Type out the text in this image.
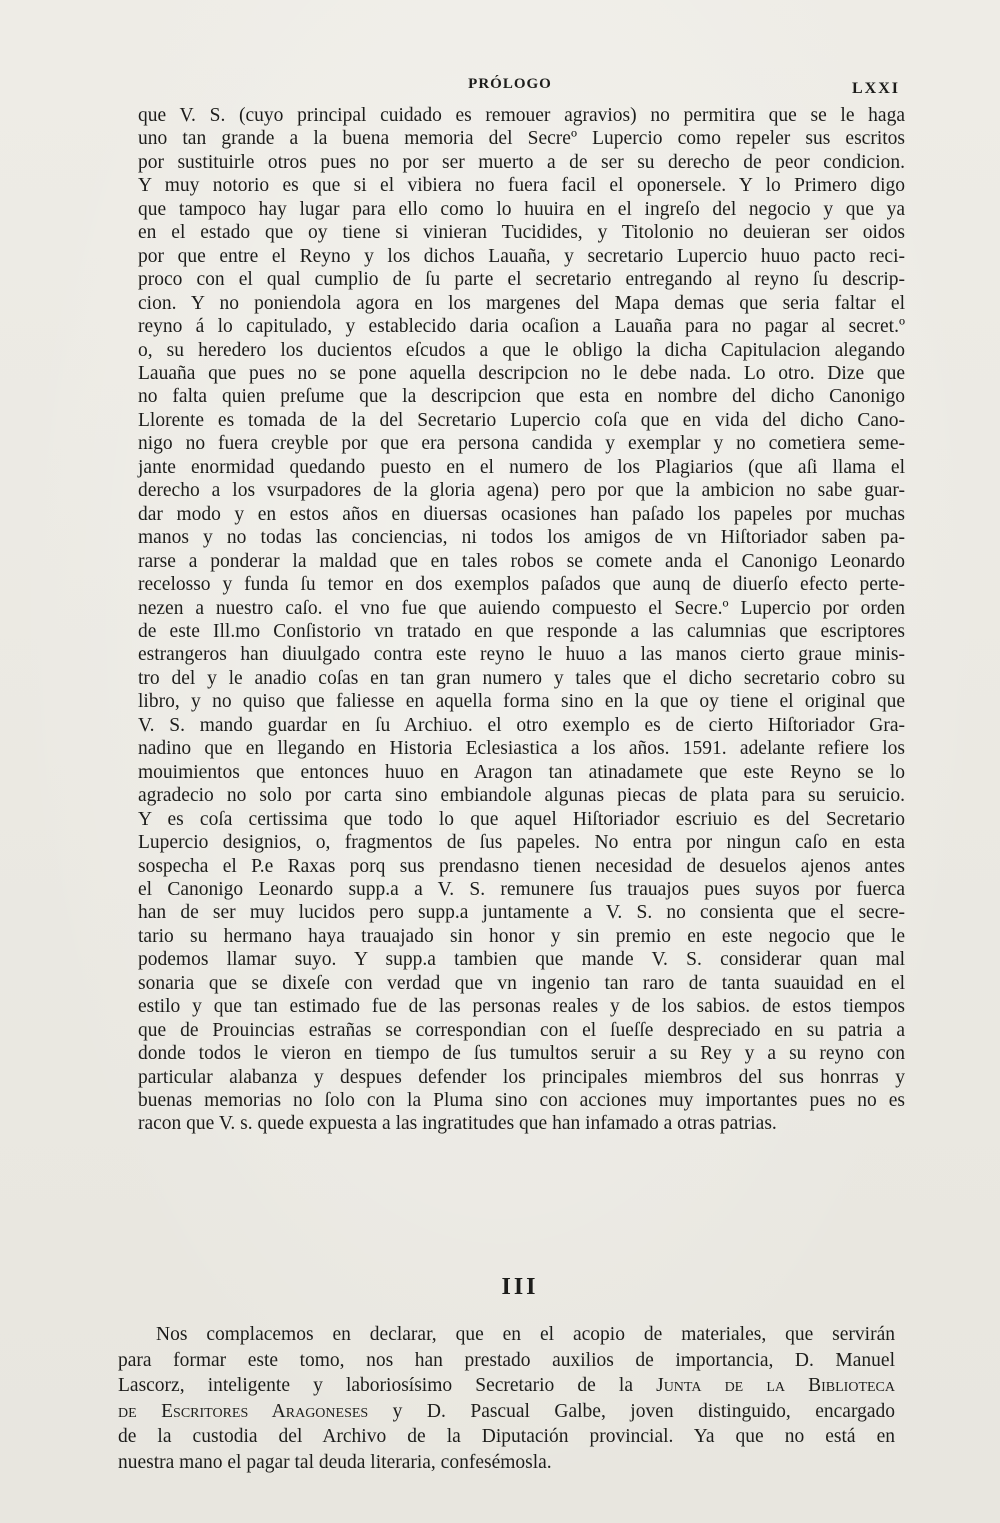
PRÓLOGO	LXXI
que V. S. (cuyo principal cuidado es remouer agravios) no permitira que se le haga
uno tan grande a la buena memoria del Secreº Lupercio como repeler sus escritos
por sustituirle otros pues no por ser muerto a de ser su derecho de peor condicion.
Y muy notorio es que si el vibiera no fuera facil el oponersele. Y lo Primero digo
que tampoco hay lugar para ello como lo huuira en el ingreſo del negocio y que ya
en el estado que oy tiene si vinieran Tucidides, y Titolonio no deuieran ser oidos
por que entre el Reyno y los dichos Lauaña, y secretario Lupercio huuo pacto reci-
proco con el qual cumplio de ſu parte el secretario entregando al reyno ſu descrip-
cion. Y no poniendola agora en los margenes del Mapa demas que seria faltar el
reyno á lo capitulado, y establecido daria ocaſion a Lauaña para no pagar al secret.º
o, su heredero los ducientos eſcudos a que le obligo la dicha Capitulacion alegando
Lauaña que pues no se pone aquella descripcion no le debe nada. Lo otro. Dize que
no falta quien preſume que la descripcion que esta en nombre del dicho Canonigo
Llorente es tomada de la del Secretario Lupercio coſa que en vida del dicho Cano-
nigo no fuera creyble por que era persona candida y exemplar y no cometiera seme-
jante enormidad quedando puesto en el numero de los Plagiarios (que aſi llama el
derecho a los vsurpadores de la gloria agena) pero por que la ambicion no sabe guar-
dar modo y en estos años en diuersas ocasiones han paſado los papeles por muchas
manos y no todas las conciencias, ni todos los amigos de vn Hiſtoriador saben pa-
rarse a ponderar la maldad que en tales robos se comete anda el Canonigo Leonardo
recelosso y funda ſu temor en dos exemplos paſados que aunq de diuerſo efecto perte-
nezen a nuestro caſo. el vno fue que auiendo compuesto el Secre.º Lupercio por orden
de este Ill.mo Conſistorio vn tratado en que responde a las calumnias que escriptores
estrangeros han diuulgado contra este reyno le huuo a las manos cierto graue minis-
tro del y le anadio coſas en tan gran numero y tales que el dicho secretario cobro su
libro, y no quiso que faliesse en aquella forma sino en la que oy tiene el original que
V. S. mando guardar en ſu Archiuo. el otro exemplo es de cierto Hiſtoriador Gra-
nadino que en llegando en Historia Eclesiastica a los años. 1591. adelante refiere los
mouimientos que entonces huuo en Aragon tan atinadamete que este Reyno se lo
agradecio no solo por carta sino embiandole algunas piecas de plata para su seruicio.
Y es coſa certissima que todo lo que aquel Hiſtoriador escriuio es del Secretario
Lupercio designios, o, fragmentos de ſus papeles. No entra por ningun caſo en esta
sospecha el P.e Raxas porq sus prendasno tienen necesidad de desuelos ajenos antes
el Canonigo Leonardo supp.a a V. S. remunere ſus trauajos pues suyos por fuerca
han de ser muy lucidos pero supp.a juntamente a V. S. no consienta que el secre-
tario su hermano haya trauajado sin honor y sin premio en este negocio que le
podemos llamar suyo. Y supp.a tambien que mande V. S. considerar quan mal
sonaria que se dixeſe con verdad que vn ingenio tan raro de tanta suauidad en el
estilo y que tan estimado fue de las personas reales y de los sabios. de estos tiempos
que de Prouincias estrañas se correspondian con el ſueſſe despreciado en su patria a
donde todos le vieron en tiempo de ſus tumultos seruir a su Rey y a su reyno con
particular alabanza y despues defender los principales miembros del sus honrras y
buenas memorias no ſolo con la Pluma sino con acciones muy importantes pues no es
racon que V. s. quede expuesta a las ingratitudes que han infamado a otras patrias.
III
Nos complacemos en declarar, que en el acopio de materiales, que servirán
para formar este tomo, nos han prestado auxilios de importancia, D. Manuel
Lascorz, inteligente y laboriosísimo Secretario de la Junta de la Biblioteca
de Escritores Aragoneses y D. Pascual Galbe, joven distinguido, encargado
de la custodia del Archivo de la Diputación provincial. Ya que no está en
nuestra mano el pagar tal deuda literaria, confesémosla.
